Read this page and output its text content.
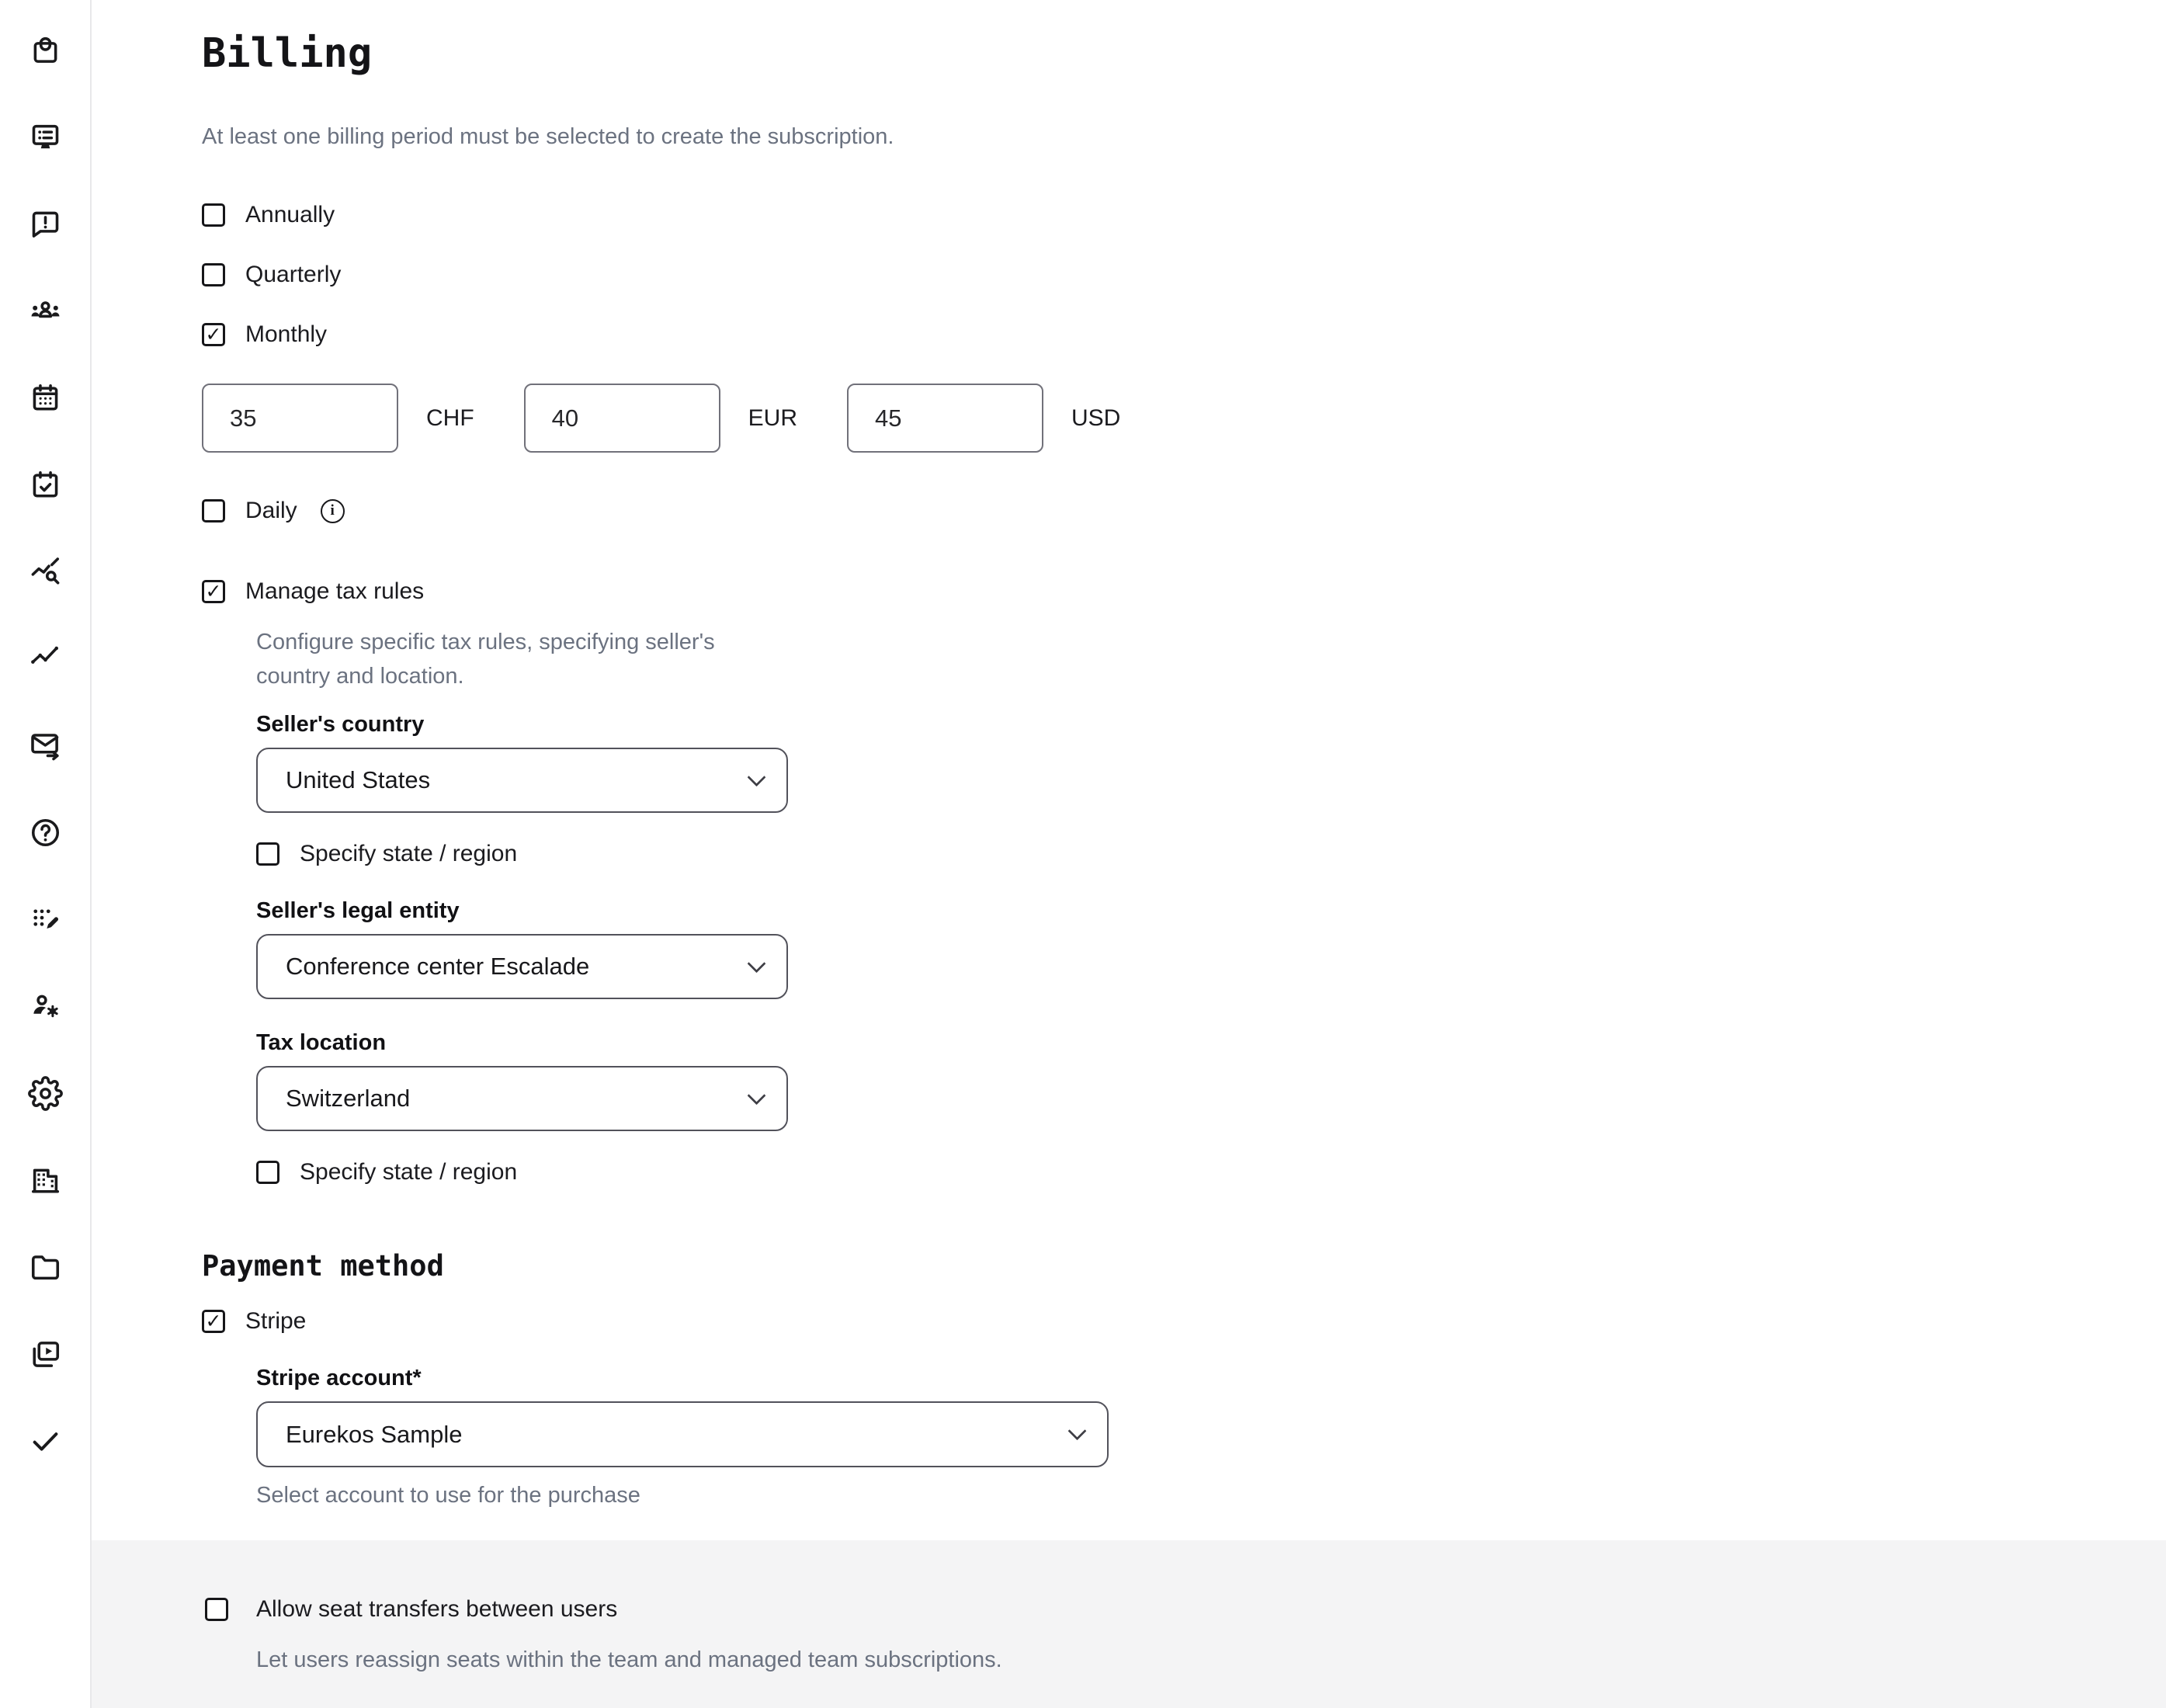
Billing

At least one billing period must be selected to create the subscription.

Annually
Quarterly
✓
Monthly
35
CHF
40	EUR
45	USD
Daily
i
✓
Manage tax rules

Configure specific tax rules, specifying seller's country and location.

Seller's country
United States
Specify state / region
Seller's legal entity
Conference center Escalade
Tax location
Switzerland
Specify state / region
Payment method
✓
Stripe
Stripe account*
Eurekos Sample

Select account to use for the purchase

Allow seat transfers between users

Let users reassign seats within the team and managed team subscriptions.
